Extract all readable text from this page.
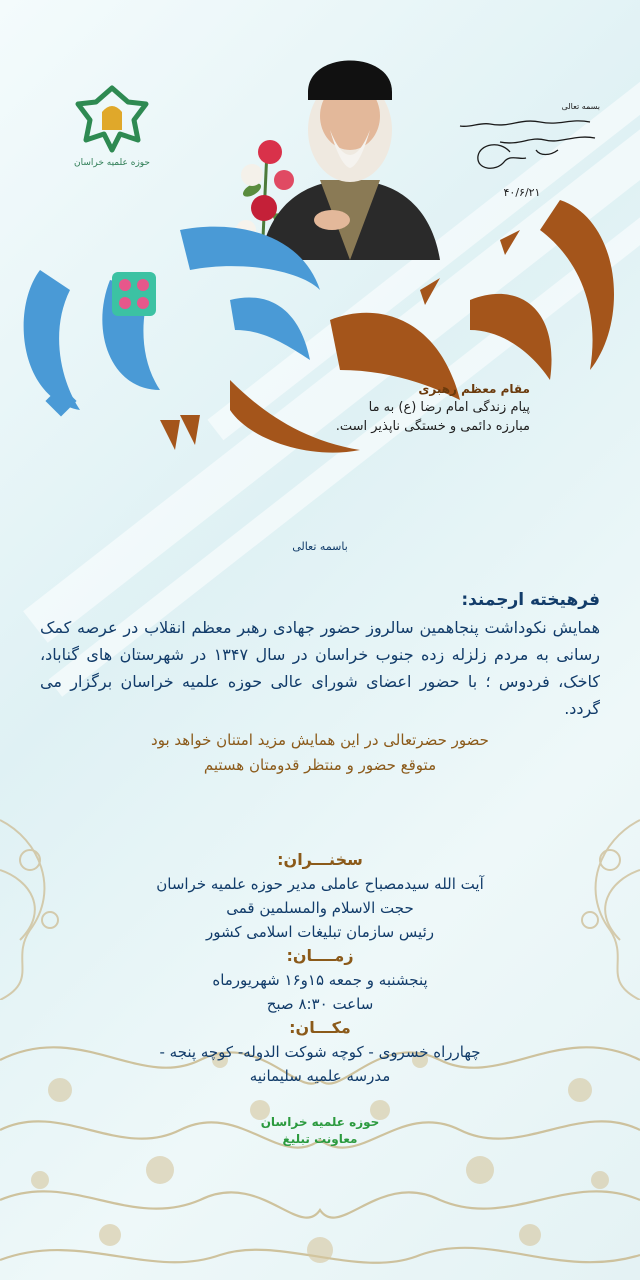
حوزه علمیه خراسان
بسمه تعالی
۴۰/۶/۲۱
مقام معظم رهبری
پیام زندگی امام رضا (ع) به ما
مبارزه دائمی و خستگی ناپذیر است.
باسمه تعالی
فرهیخته ارجمند:
همایش نکوداشت پنجاهمین سالروز حضور جهادی رهبر معظم انقلاب در عرصه کمک رسانی به مردم زلزله زده جنوب خراسان در سال ۱۳۴۷ در شهرستان های گناباد، کاخک، فردوس ؛ با حضور اعضای شورای عالی حوزه علمیه خراسان برگزار می گردد.
حضور حضرتعالی در این همایش مزید امتنان خواهد بود
متوقع حضور و منتظر قدومتان هستیم
سخنـــران:
آیت الله سیدمصباح عاملی مدیر حوزه علمیه خراسان
حجت الاسلام والمسلمین قمی
رئیس سازمان تبلیغات اسلامی کشور
زمــــان:
پنجشنبه و جمعه ۱۵و۱۶ شهریورماه
ساعت ۸:۳۰ صبح
مکـــان:
چهارراه خسروی - کوچه شوکت الدوله- کوچه پنجه -
مدرسه علمیه سلیمانیه
حوزه علمیه خراسان
معاونت تبلیغ
